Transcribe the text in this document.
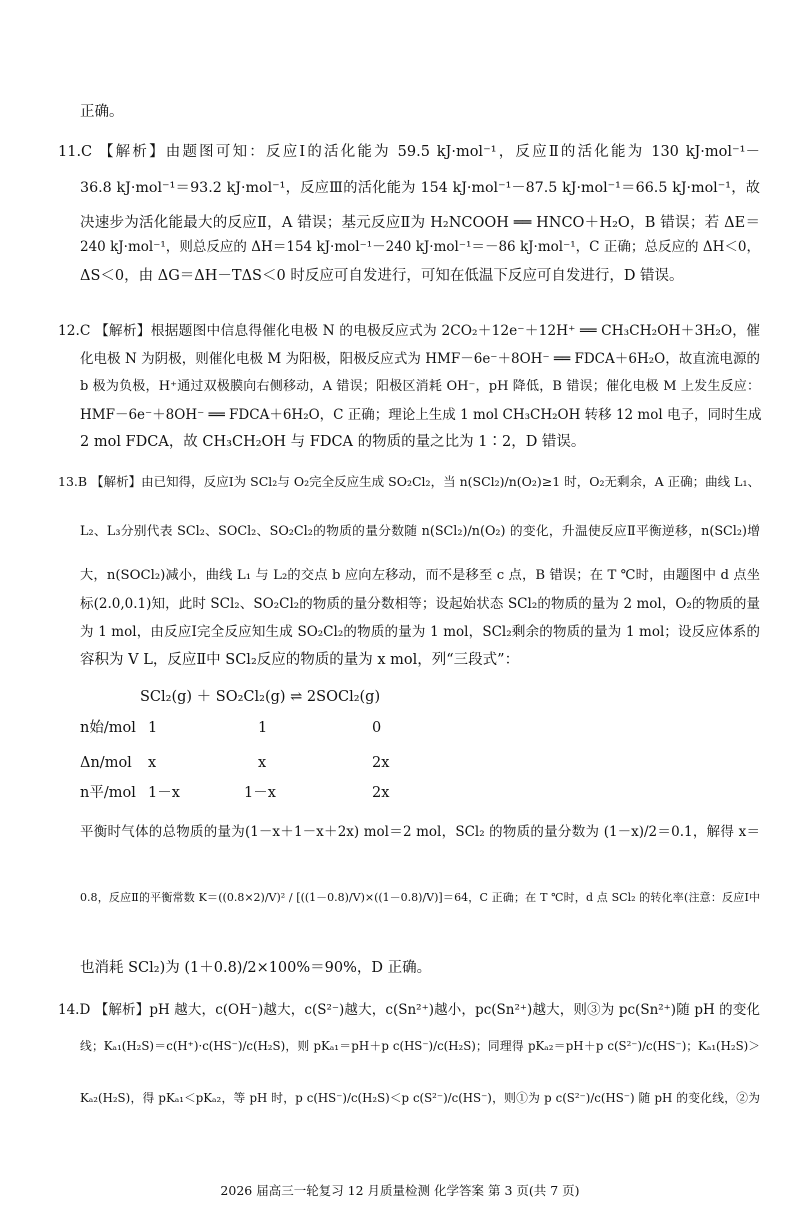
正确。
11.C 【解析】由题图可知：反应Ⅰ的活化能为 59.5 kJ·mol⁻¹，反应Ⅱ的活化能为 130 kJ·mol⁻¹－
36.8 kJ·mol⁻¹＝93.2 kJ·mol⁻¹，反应Ⅲ的活化能为 154 kJ·mol⁻¹－87.5 kJ·mol⁻¹＝66.5 kJ·mol⁻¹，故
决速步为活化能最大的反应Ⅱ，A 错误；基元反应Ⅱ为 H₂NCOOH ══ HNCO＋H₂O，B 错误；若 ΔE＝
240 kJ·mol⁻¹，则总反应的 ΔH＝154 kJ·mol⁻¹－240 kJ·mol⁻¹＝－86 kJ·mol⁻¹，C 正确；总反应的 ΔH＜0，
ΔS＜0，由 ΔG＝ΔH－TΔS＜0 时反应可自发进行，可知在低温下反应可自发进行，D 错误。
12.C 【解析】根据题图中信息得催化电极 N 的电极反应式为 2CO₂＋12e⁻＋12H⁺ ══ CH₃CH₂OH＋3H₂O，催
化电极 N 为阴极，则催化电极 M 为阳极，阳极反应式为 HMF－6e⁻＋8OH⁻ ══ FDCA＋6H₂O，故直流电源的
b 极为负极，H⁺通过双极膜向右侧移动，A 错误；阳极区消耗 OH⁻，pH 降低，B 错误；催化电极 M 上发生反应：
HMF－6e⁻＋8OH⁻ ══ FDCA＋6H₂O，C 正确；理论上生成 1 mol CH₃CH₂OH 转移 12 mol 电子，同时生成
2 mol FDCA，故 CH₃CH₂OH 与 FDCA 的物质的量之比为 1∶2，D 错误。
13.B 【解析】由已知得，反应Ⅰ为 SCl₂与 O₂完全反应生成 SO₂Cl₂，当 n(SCl₂)/n(O₂)≥1 时，O₂无剩余，A 正确；曲线 L₁、
L₂、L₃分别代表 SCl₂、SOCl₂、SO₂Cl₂的物质的量分数随 n(SCl₂)/n(O₂) 的变化，升温使反应Ⅱ平衡逆移，n(SCl₂)增
大，n(SOCl₂)减小，曲线 L₁ 与 L₂的交点 b 应向左移动，而不是移至 c 点，B 错误；在 T ℃时，由题图中 d 点坐
标(2.0,0.1)知，此时 SCl₂、SO₂Cl₂的物质的量分数相等；设起始状态 SCl₂的物质的量为 2 mol，O₂的物质的量
为 1 mol，由反应Ⅰ完全反应知生成 SO₂Cl₂的物质的量为 1 mol，SCl₂剩余的物质的量为 1 mol；设反应体系的
容积为 V L，反应Ⅱ中 SCl₂反应的物质的量为 x mol，列“三段式”：
SCl₂(g) ＋ SO₂Cl₂(g) ⇌ 2SOCl₂(g)
n始/mol 1	1	0
Δn/mol x	x	2x
n平/mol 1－x	1－x	2x
平衡时气体的总物质的量为(1－x＋1－x＋2x) mol＝2 mol，SCl₂ 的物质的量分数为 (1－x)/2＝0.1，解得 x＝
0.8，反应Ⅱ的平衡常数 K＝((0.8×2)/V)² / [((1－0.8)/V)×((1－0.8)/V)]＝64，C 正确；在 T ℃时，d 点 SCl₂ 的转化率(注意：反应Ⅰ中
也消耗 SCl₂)为 (1＋0.8)/2×100%＝90%，D 正确。
14.D 【解析】pH 越大，c(OH⁻)越大，c(S²⁻)越大，c(Sn²⁺)越小，pc(Sn²⁺)越大，则③为 pc(Sn²⁺)随 pH 的变化
线；Kₐ₁(H₂S)＝c(H⁺)·c(HS⁻)/c(H₂S)，则 pKₐ₁＝pH＋p c(HS⁻)/c(H₂S)；同理得 pKₐ₂＝pH＋p c(S²⁻)/c(HS⁻)；Kₐ₁(H₂S)＞
Kₐ₂(H₂S)，得 pKₐ₁＜pKₐ₂，等 pH 时，p c(HS⁻)/c(H₂S)＜p c(S²⁻)/c(HS⁻)，则①为 p c(S²⁻)/c(HS⁻) 随 pH 的变化线，②为
2026 届高三一轮复习 12 月质量检测 化学答案 第 3 页(共 7 页)
